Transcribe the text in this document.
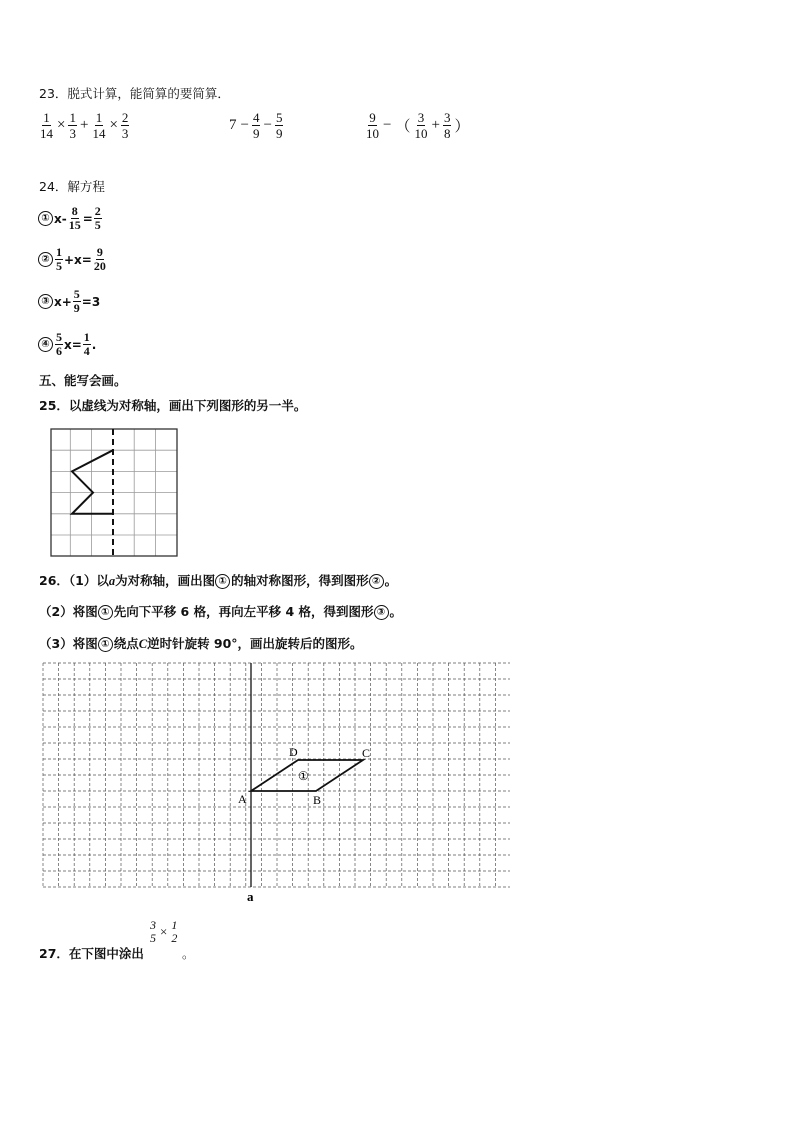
23．脱式计算，能简算的要简算．
$\frac{1}{14} \times \frac{1}{3} + \frac{1}{14} \times \frac{2}{3}$	$7 - \frac{4}{9} - \frac{5}{9}$	9
10
− （
3
10
+ $\frac{3}{8}$ ）
24．解方程
① $x- \frac{8}{15} = \frac{2}{5}$
②
1
$5 +x= \frac{9}{20}$
③ $x+ \frac{5}{9} =3$
④
5
6 $x= \frac{1}{4}$ .
五、能写会画。
25．以虚线为对称轴，画出下列图形的另一半。
26．（1）以a为对称轴，画出图 ① 的轴对称图形，得到图形 ② 。
（2）将图 ① 先向下平移 6 格，再向左平移 4 格，得到图形 ③ 。
（3）将图 ① 绕点C逆时针旋转 90°，画出旋转后的图形。
A	B
C
D
①
a
27．在下图中涂出
3
5 × 1
2
。
